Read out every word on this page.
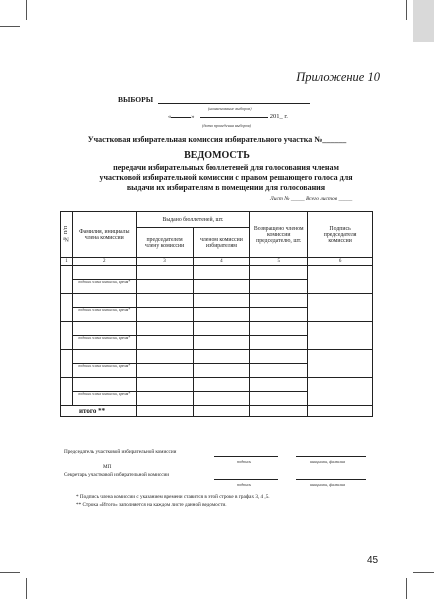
Приложение 10
ВЫБОРЫ
(наименование выборов)
«	»	201_ г.
(дата проведения выборов)
Участковая избирательная комиссия избирательного участка №______
ВЕДОМОСТЬ
передачи избирательных бюллетеней для голосования членам участковой избирательной комиссии с правом решающего голоса для выдачи их избирателям в помещении для голосования
Лист № _____ Всего листов _____
№ п/п	Фамилия, инициалы члена комиссии	Выдано бюллетеней, шт.		Возвращено членом комиссии председателю, шт.	Подпись председателя комиссии
		председателем члену комиссии	членом комиссии избирателям		
1	2	3	4	5	6

	подпись члена комиссии, время*				

	подпись члена комиссии, время*				

	подпись члена комиссии, время*				

	подпись члена комиссии, время*				

	подпись члена комиссии, время*				

итого **					
Председатель участковой избирательной комиссии
подпись	инициалы, фамилия
МП
Секретарь участковой избирательной комиссии
подпись	инициалы, фамилия
* Подпись члена комиссии с указанием времени ставится в этой строке в графах 3, 4 ,5.
** Строка «Итого» заполняется на каждом листе данной ведомости.
45
